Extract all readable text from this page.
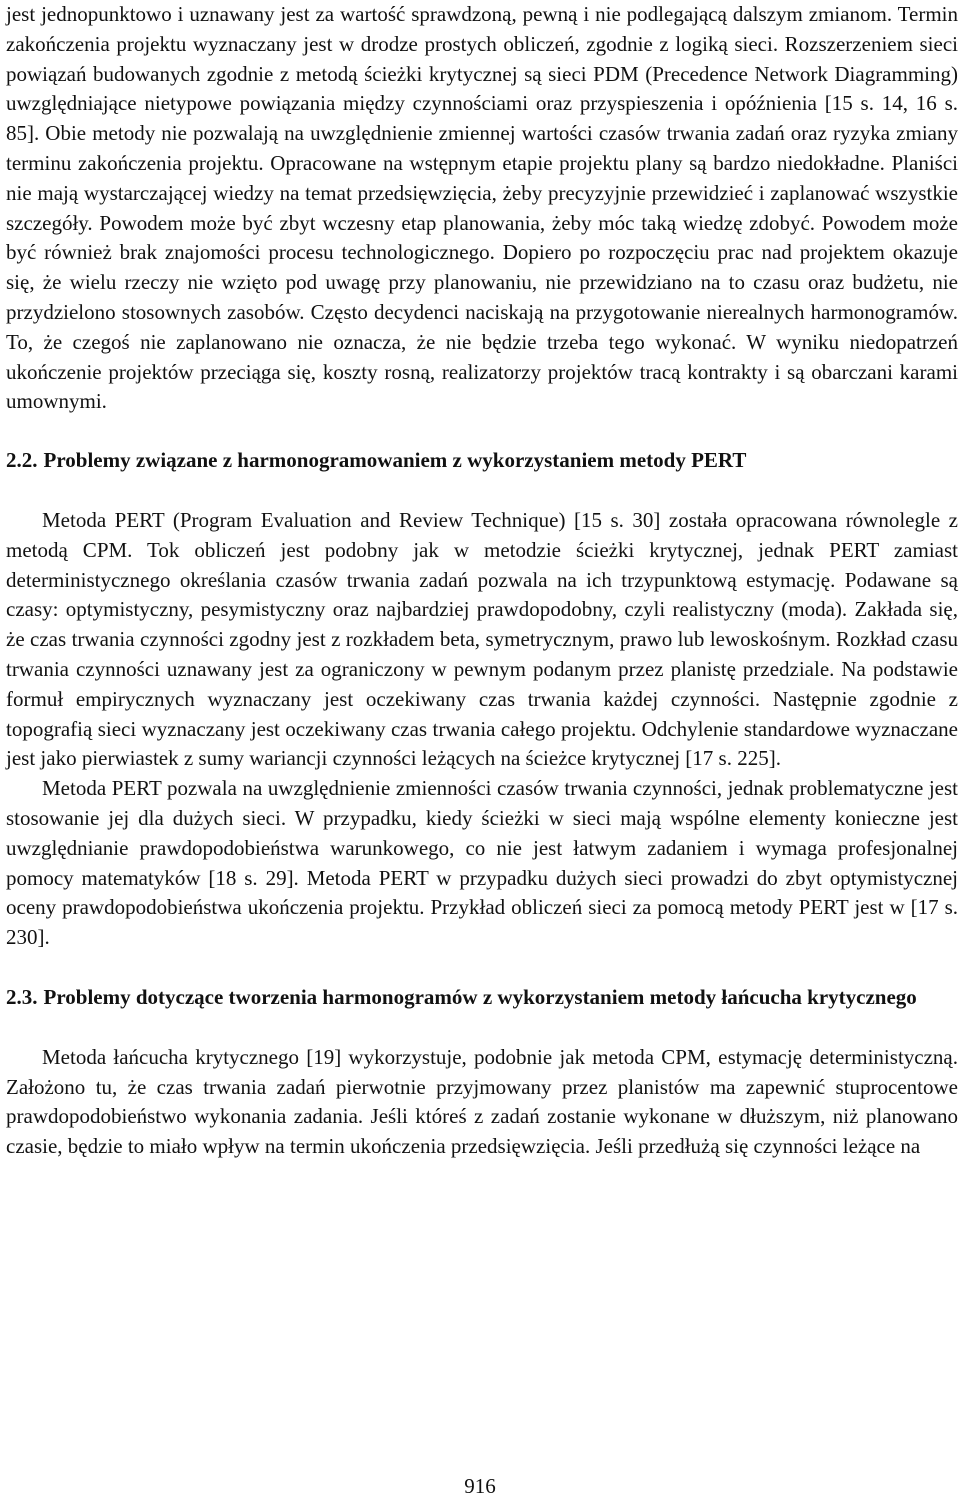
jest jednopunktowo i uznawany jest za wartość sprawdzoną, pewną i nie podlegającą dalszym zmianom. Termin zakończenia projektu wyznaczany jest w drodze prostych obliczeń, zgodnie z logiką sieci. Rozszerzeniem sieci powiązań budowanych zgodnie z metodą ścieżki krytycznej są sieci PDM (Precedence Network Diagramming) uwzględniające nietypowe powiązania między czynnościami oraz przyspieszenia i opóźnienia [15 s. 14, 16 s. 85]. Obie metody nie pozwalają na uwzględnienie zmiennej wartości czasów trwania zadań oraz ryzyka zmiany terminu zakończenia projektu. Opracowane na wstępnym etapie projektu plany są bardzo niedokładne. Planiści nie mają wystarczającej wiedzy na temat przedsięwzięcia, żeby precyzyjnie przewidzieć i zaplanować wszystkie szczegóły. Powodem może być zbyt wczesny etap planowania, żeby móc taką wiedzę zdobyć. Powodem może być również brak znajomości procesu technologicznego. Dopiero po rozpoczęciu prac nad projektem okazuje się, że wielu rzeczy nie wzięto pod uwagę przy planowaniu, nie przewidziano na to czasu oraz budżetu, nie przydzielono stosownych zasobów. Często decydenci naciskają na przygotowanie nierealnych harmonogramów. To, że czegoś nie zaplanowano nie oznacza, że nie będzie trzeba tego wykonać. W wyniku niedopatrzeń ukończenie projektów przeciąga się, koszty rosną, realizatorzy projektów tracą kontrakty i są obarczani karami umownymi.

2.2. Problemy związane z harmonogramowaniem z wykorzystaniem metody PERT

Metoda PERT (Program Evaluation and Review Technique) [15 s. 30] została opracowana równolegle z metodą CPM. Tok obliczeń jest podobny jak w metodzie ścieżki krytycznej, jednak PERT zamiast deterministycznego określania czasów trwania zadań pozwala na ich trzypunktową estymację. Podawane są czasy: optymistyczny, pesymistyczny oraz najbardziej prawdopodobny, czyli realistyczny (moda). Zakłada się, że czas trwania czynności zgodny jest z rozkładem beta, symetrycznym, prawo lub lewoskośnym. Rozkład czasu trwania czynności uznawany jest za ograniczony w pewnym podanym przez planistę przedziale. Na podstawie formuł empirycznych wyznaczany jest oczekiwany czas trwania każdej czynności. Następnie zgodnie z topografią sieci wyznaczany jest oczekiwany czas trwania całego projektu. Odchylenie standardowe wyznaczane jest jako pierwiastek z sumy wariancji czynności leżących na ścieżce krytycznej [17 s. 225].

Metoda PERT pozwala na uwzględnienie zmienności czasów trwania czynności, jednak problematyczne jest stosowanie jej dla dużych sieci. W przypadku, kiedy ścieżki w sieci mają wspólne elementy konieczne jest uwzględnianie prawdopodobieństwa warunkowego, co nie jest łatwym zadaniem i wymaga profesjonalnej pomocy matematyków [18 s. 29]. Metoda PERT w przypadku dużych sieci prowadzi do zbyt optymistycznej oceny prawdopodobieństwa ukończenia projektu. Przykład obliczeń sieci za pomocą metody PERT jest w [17 s. 230].

2.3. Problemy dotyczące tworzenia harmonogramów z wykorzystaniem metody łańcucha krytycznego

Metoda łańcucha krytycznego [19] wykorzystuje, podobnie jak metoda CPM, estymację deterministyczną. Założono tu, że czas trwania zadań pierwotnie przyjmowany przez planistów ma zapewnić stuprocentowe prawdopodobieństwo wykonania zadania. Jeśli któreś z zadań zostanie wykonane w dłuższym, niż planowano czasie, będzie to miało wpływ na termin ukończenia przedsięwzięcia. Jeśli przedłużą się czynności leżące na

916
